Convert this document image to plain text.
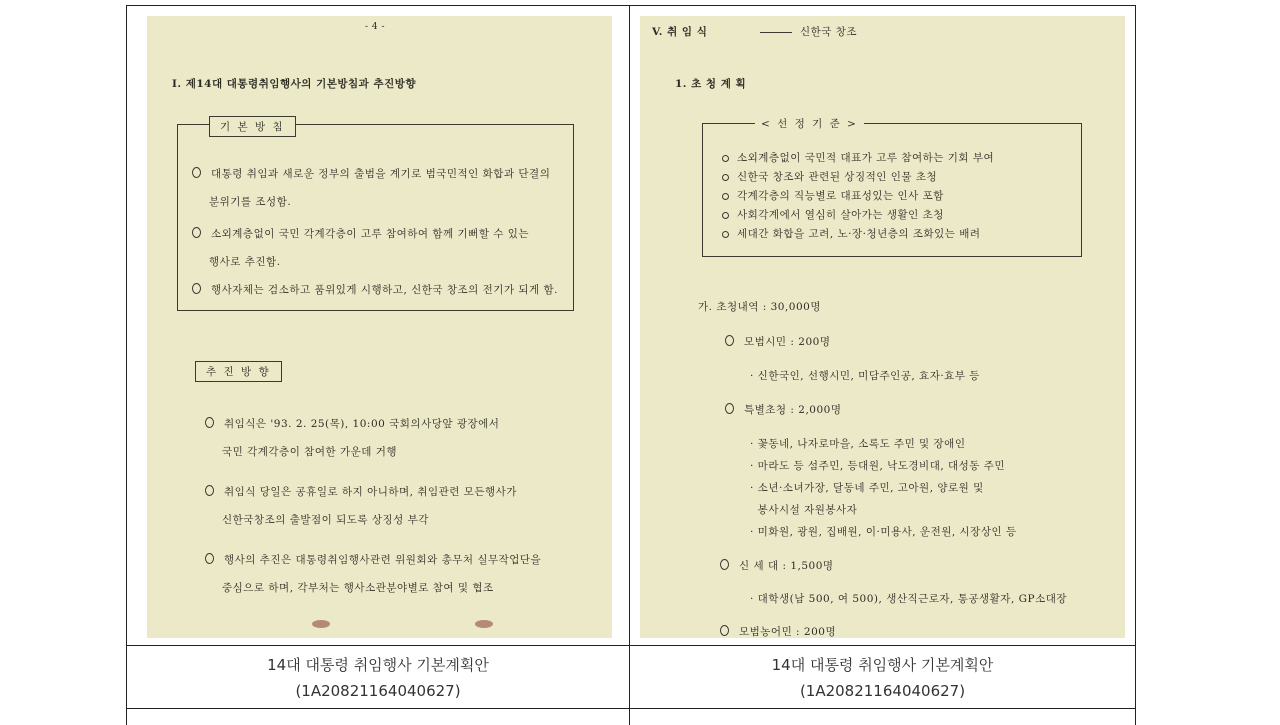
- 4 -
I. 제14대 대통령취임행사의 기본방침과 추진방향
기 본 방 침
대통령 취임과 새로운 정부의 출범을 계기로 범국민적인 화합과 단결의
분위기를 조성함.
소외계층없이 국민 각계각층이 고루 참여하여 함께 기뻐할 수 있는
행사로 추진함.
행사자체는 검소하고 품위있게 시행하고, 신한국 창조의 전기가 되게 함.
추 진 방 향
취임식은 '93. 2. 25(목), 10:00 국회의사당앞 광장에서
국민 각계각층이 참여한 가운데 거행
취임식 당일은 공휴일로 하지 아니하며, 취임관련 모든행사가
신한국창조의 출발점이 되도록 상징성 부각
행사의 추진은 대통령취임행사관련 위원회와 총무처 실무작업단을
중심으로 하며, 각부처는 행사소관분야별로 참여 및 협조
V. 취 임 식	신한국 창조
1. 초 청 계 획
< 선 정 기 준 >
소외계층없이 국민적 대표가 고루 참여하는 기회 부여
신한국 창조와 관련된 상징적인 인물 초청
각계각층의 직능별로 대표성있는 인사 포함
사회각계에서 열심히 살아가는 생활인 초청
세대간 화합을 고려, 노·장·청년층의 조화있는 배려
가. 초청내역 : 30,000명
모범시민 : 200명
· 신한국인, 선행시민, 미담주인공, 효자·효부 등
특별초청 : 2,000명
· 꽃동네, 나자로마을, 소록도 주민 및 장애인
· 마라도 등 섬주민, 등대원, 낙도경비대, 대성동 주민
· 소년·소녀가장, 달동네 주민, 고아원, 양로원 및
봉사시설 자원봉사자
· 미화원, 광원, 집배원, 이·미용사, 운전원, 시장상인 등
신 세 대 : 1,500명
· 대학생(남 500, 여 500), 생산직근로자, 통공생활자, GP소대장
모범농어민 : 200명
14대 대통령 취임행사 기본계획안
(1A20821164040627)
14대 대통령 취임행사 기본계획안
(1A20821164040627)
